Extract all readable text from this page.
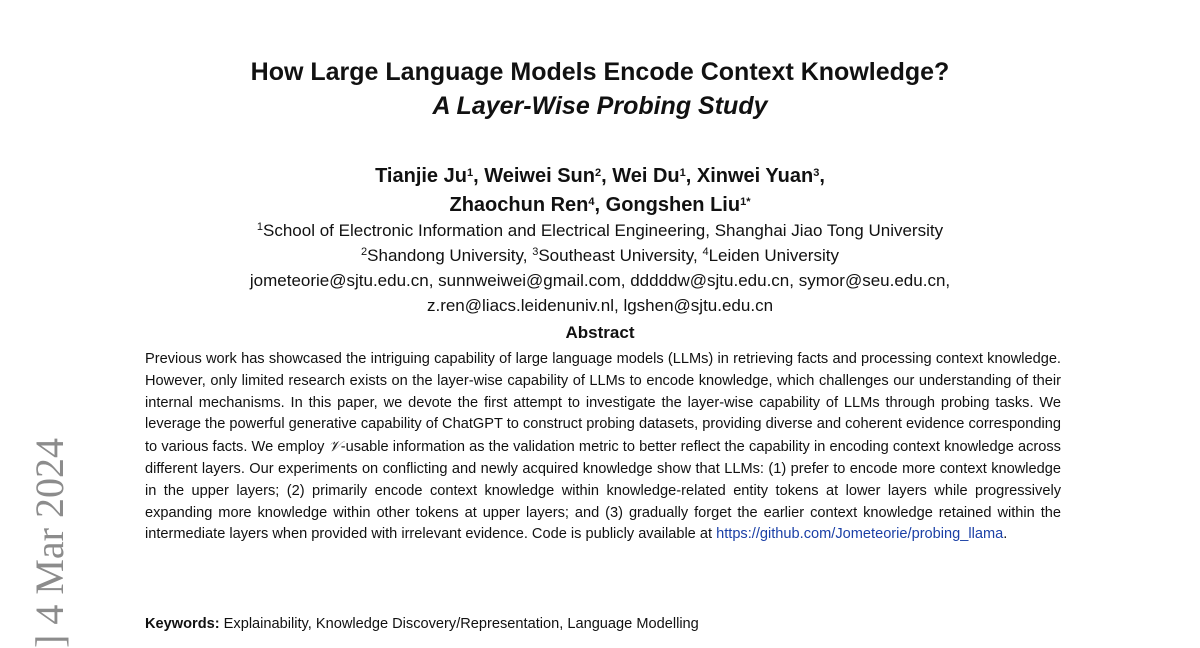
How Large Language Models Encode Context Knowledge?
A Layer-Wise Probing Study
Tianjie Ju$^1$, Weiwei Sun$^2$, Wei Du$^1$, Xinwei Yuan$^3$,
Zhaochun Ren$^4$, Gongshen Liu$^{1*}$
$^1$School of Electronic Information and Electrical Engineering, Shanghai Jiao Tong University
$^2$Shandong University, $^3$Southeast University, $^4$Leiden University
jometeorie@sjtu.edu.cn, sunnweiwei@gmail.com, dddddw@sjtu.edu.cn, symor@seu.edu.cn,
z.ren@liacs.leidenuniv.nl, lgshen@sjtu.edu.cn
Abstract
Previous work has showcased the intriguing capability of large language models (LLMs) in retrieving facts and processing context knowledge. However, only limited research exists on the layer-wise capability of LLMs to encode knowledge, which challenges our understanding of their internal mechanisms. In this paper, we devote the first attempt to investigate the layer-wise capability of LLMs through probing tasks. We leverage the powerful generative capability of ChatGPT to construct probing datasets, providing diverse and coherent evidence corresponding to various facts. We employ 𝒱-usable information as the validation metric to better reflect the capability in encoding context knowledge across different layers. Our experiments on conflicting and newly acquired knowledge show that LLMs: (1) prefer to encode more context knowledge in the upper layers; (2) primarily encode context knowledge within knowledge-related entity tokens at lower layers while progressively expanding more knowledge within other tokens at upper layers; and (3) gradually forget the earlier context knowledge retained within the intermediate layers when provided with irrelevant evidence. Code is publicly available at https://github.com/Jometeorie/probing_llama.
Keywords: Explainability, Knowledge Discovery/Representation, Language Modelling
] 4 Mar 2024
